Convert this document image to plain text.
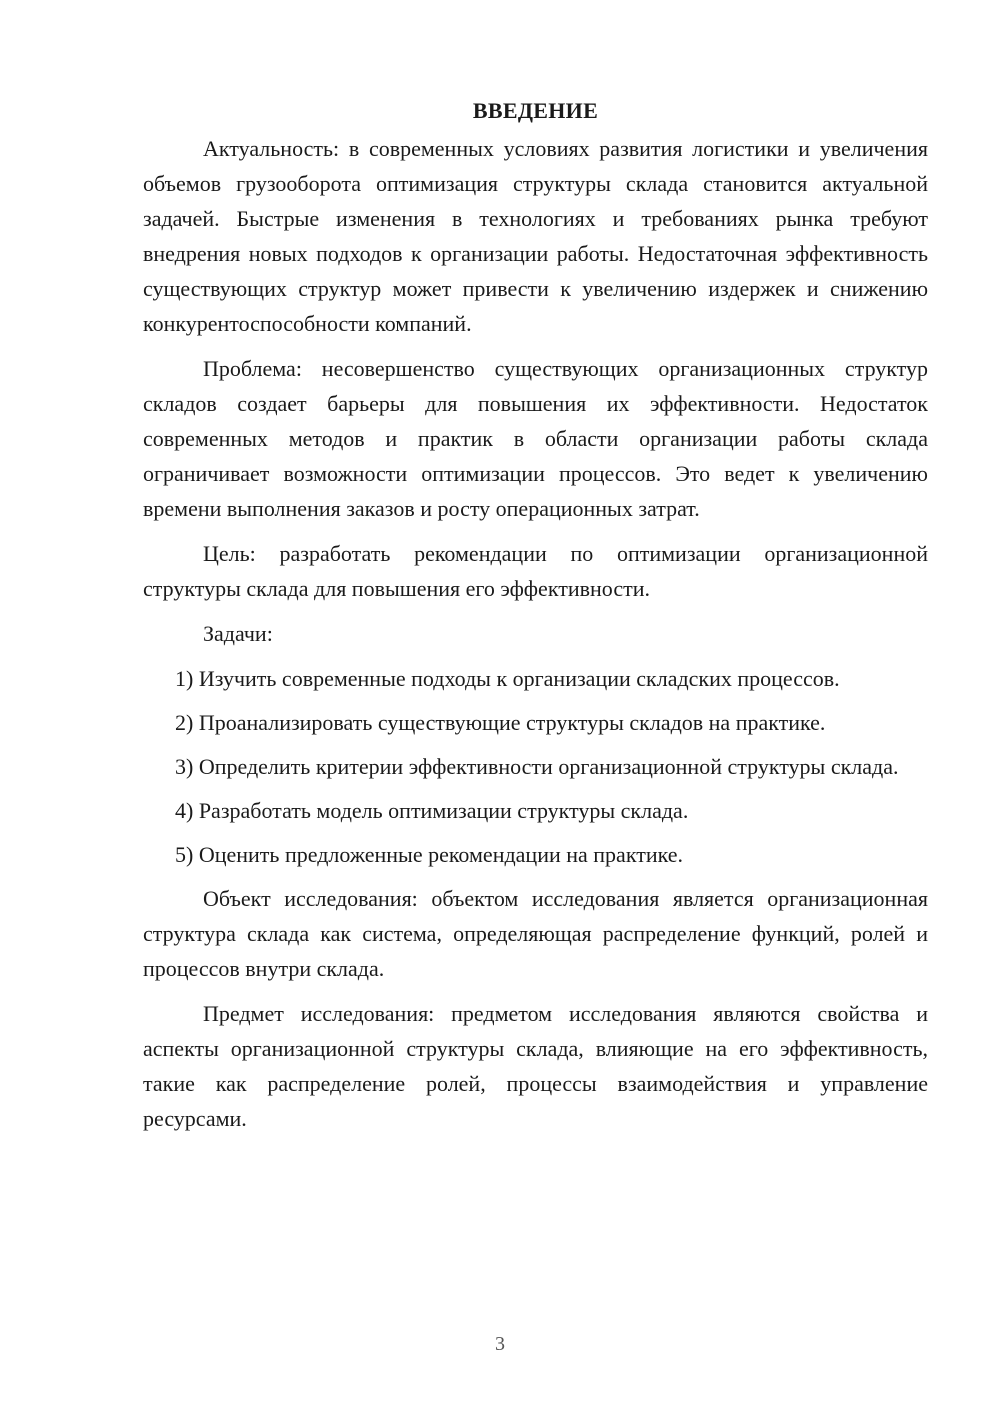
ВВЕДЕНИЕ

Актуальность: в современных условиях развития логистики и увеличения объемов грузооборота оптимизация структуры склада становится актуальной задачей. Быстрые изменения в технологиях и требованиях рынка требуют внедрения новых подходов к организации работы. Недостаточная эффективность существующих структур может привести к увеличению издержек и снижению конкурентоспособности компаний.

Проблема: несовершенство существующих организационных структур складов создает барьеры для повышения их эффективности. Недостаток современных методов и практик в области организации работы склада ограничивает возможности оптимизации процессов. Это ведет к увеличению времени выполнения заказов и росту операционных затрат.

Цель: разработать рекомендации по оптимизации организационной структуры склада для повышения его эффективности.

Задачи:

1) Изучить современные подходы к организации складских процессов.

2) Проанализировать существующие структуры складов на практике.

3) Определить критерии эффективности организационной структуры склада.

4) Разработать модель оптимизации структуры склада.

5) Оценить предложенные рекомендации на практике.

Объект исследования: объектом исследования является организационная структура склада как система, определяющая распределение функций, ролей и процессов внутри склада.

Предмет исследования: предметом исследования являются свойства и аспекты организационной структуры склада, влияющие на его эффективность, такие как распределение ролей, процессы взаимодействия и управление ресурсами.

3
